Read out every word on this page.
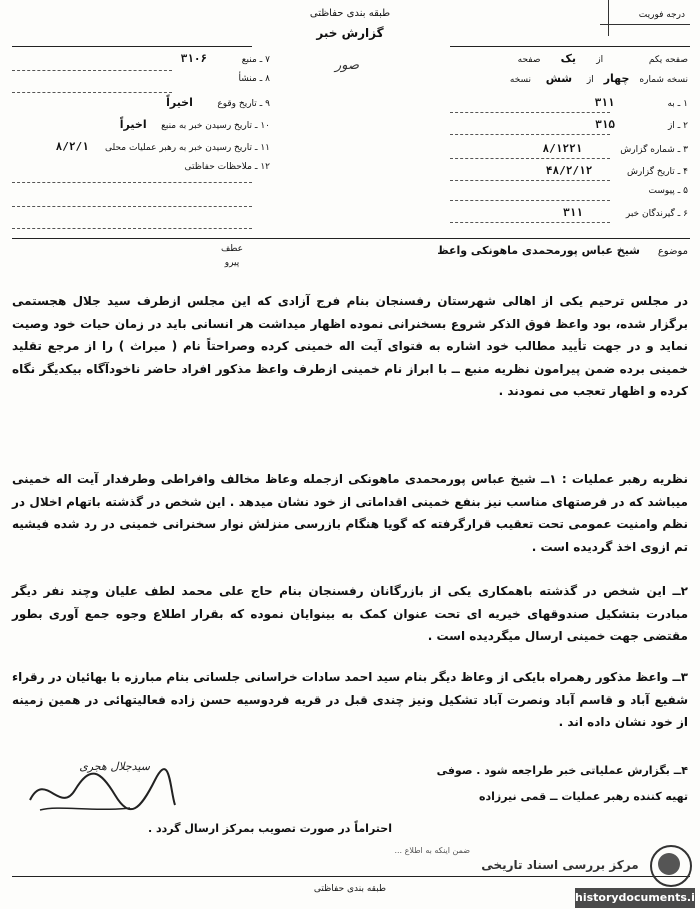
طبقه بندی حفاظتی
گزارش خبر
صور
درجه فوریت
صفحه یکم  از یک صفحه
نسخه شماره چهار از شش نسخه
۱ ـ به ۳۱۱
۲ ـ از ۳۱۵
۳ ـ شماره گزارش ۸/۱۲۲۱
۴ ـ تاریخ گزارش ۴۸/۲/۱۲
۵ ـ پیوست
۶ ـ گیرندگان خبر ۳۱۱
۷ ـ منبع ۳۱۰۶
۸ ـ منشأ
۹ ـ تاریخ وقوع اخیراً
۱۰ ـ تاریخ رسیدن خبر به منبع اخیراً
۱۱ ـ تاریخ رسیدن خبر به رهبر عملیات محلی ۸/۲/۱
۱۲ ـ ملاحظات حفاظتی
عطف
پیرو
موضوع
شیخ عباس پورمحمدی ماهونکی واعظ
در مجلس ترحیم یکی از اهالی شهرستان رفسنجان بنام فرج آزادی که این مجلس ازطرف سید جلال هجستمی برگزار شده، بود واعظ فوق الذکر شروع بسخنرانی نموده اظهار میداشت هر انسانی باید در زمان حیات خود وصیت نماید و در جهت تأیید مطالب خود اشاره به فتوای آیت اله خمینی کرده وصراحتاً نام ( میراث ) را از مرجع تقلید خمینی برده ضمن پیرامون نظریه منبع ــ با ابراز نام خمینی ازطرف واعظ مذکور افراد حاضر ناخودآگاه بیکدیگر نگاه کرده و اظهار تعجب می نمودند .
نظریه رهبر عملیات : ۱ــ شیخ عباس پورمحمدی ماهونکی ازجمله وعاظ مخالف وافراطی وطرفدار آیت اله خمینی میباشد که در فرصتهای مناسب نیز بنفع خمینی اقداماتی از خود نشان میدهد . این شخص در گذشته باتهام اخلال در نظم وامنیت عمومی تحت تعقیب قرارگرفته که گویا هنگام بازرسی منزلش نوار سخنرانی خمینی در رد شده فیشیه تم ازوی اخذ گردیده است .
۲ــ این شخص در گذشته باهمکاری یکی از بازرگانان رفسنجان بنام حاج علی محمد لطف علیان وچند نفر دیگر مبادرت بتشکیل صندوقهای خیریه ای تحت عنوان کمک به بینوایان نموده که بقرار اطلاع وجوه جمع آوری بطور مقتضی جهت خمینی ارسال میگردیده است .
۳ــ واعظ مذکور رهمراه بایکی از وعاظ دیگر بنام سید احمد سادات خراسانی جلساتی بنام مبارزه با بهائیان در رقراء شفیع آباد و قاسم آباد ونصرت آباد تشکیل ونیز چندی قبل در قریه فردوسیه حسن زاده فعالیتهائی در همین زمینه از خود نشان داده اند .
۴ــ بگزارش عملیاتی خبر طراجعه شود . صوفی
تهیه کننده رهبر عملیات ــ قمی نیرزاده
احتراماً در صورت تصویب بمرکز ارسال گردد .
سیدجلال هجری
طبقه بندی حفاظتی
ضمن اینکه به اطلاع ...
مرکز بررسی اسناد تاریخی
historydocuments.ir
